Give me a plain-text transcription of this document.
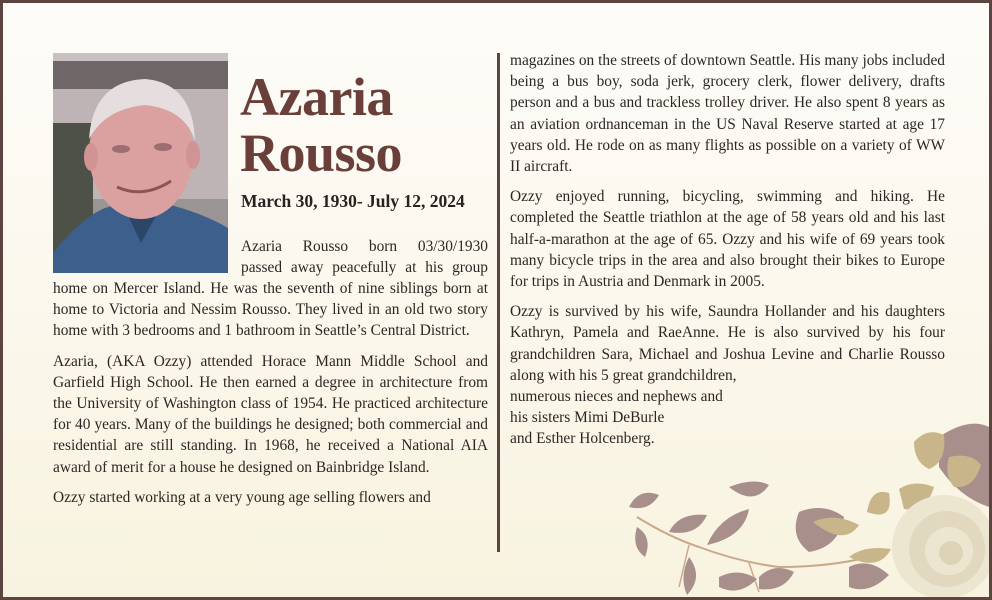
Azaria
Rousso
March 30, 1930- July 12, 2024

Azaria Rousso born 03/30/1930

passed away peacefully at his group

home on Mercer Island. He was the seventh of nine siblings born at home to Victoria and Nessim Rousso. They lived in an old two story home with 3 bedrooms and 1 bathroom in Seattle’s Central District.

Azaria, (AKA Ozzy) attended Horace Mann Middle School and Garfield High School. He then earned a degree in architecture from the University of Washington class of 1954. He practiced architecture for 40 years. Many of the buildings he designed; both commercial and residential are still standing. In 1968, he received a National AIA award of merit for a house he designed on Bainbridge Island.

Ozzy started working at a very young age selling flowers and

magazines on the streets of downtown Seattle. His many jobs included being a bus boy, soda jerk, grocery clerk, flower delivery, drafts person and a bus and trackless trolley driver. He also spent 8 years as an aviation ordnanceman in the US Naval Reserve started at age 17 years old. He rode on as many flights as possible on a variety of WW II aircraft.

Ozzy enjoyed running, bicycling, swimming and hiking. He completed the Seattle triathlon at the age of 58 years old and his last half-a-marathon at the age of 65. Ozzy and his wife of 69 years took many bicycle trips in the area and also brought their bikes to Europe for trips in Austria and Denmark in 2005.

Ozzy is survived by his wife, Saundra Hollander and his daughters Kathryn, Pamela and RaeAnne. He is also survived by his four grandchildren Sara, Michael and Joshua Levine and Charlie Rousso along with his 5 great grandchildren,

numerous nieces and nephews and
his sisters Mimi DeBurle
and Esther Holcenberg.
